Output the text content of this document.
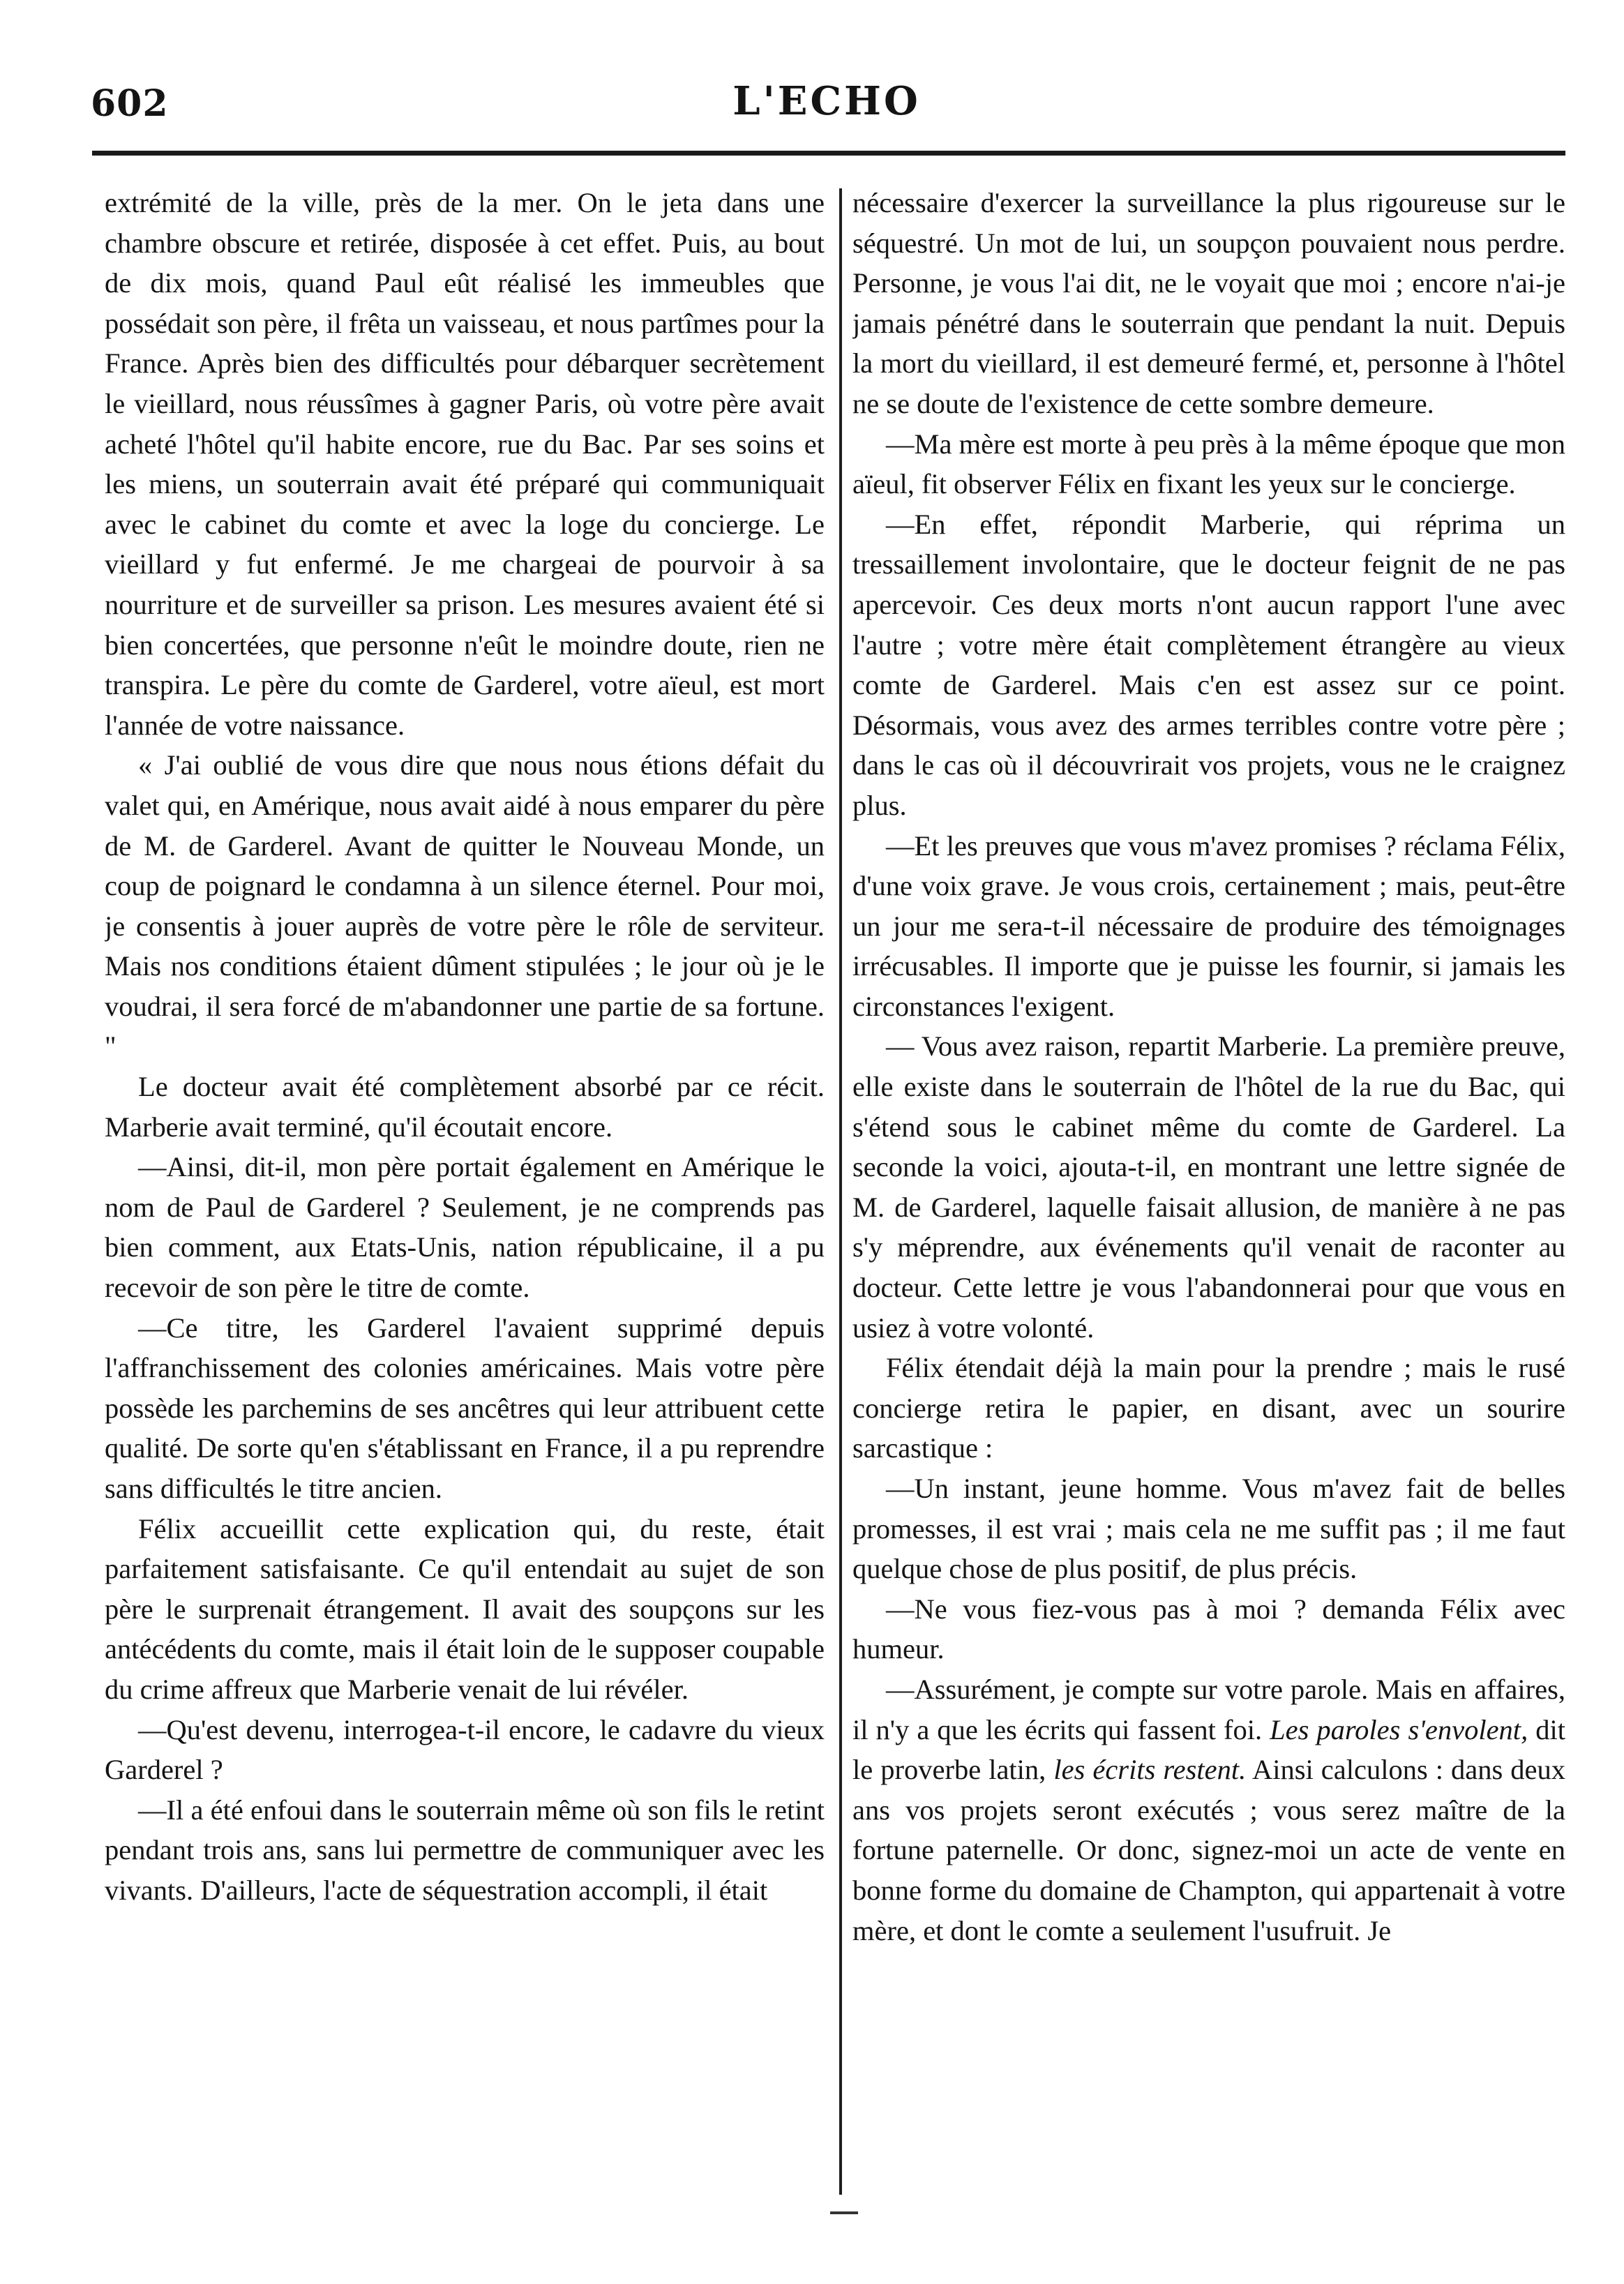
602	L'ECHO

extrémité de la ville, près de la mer. On le jeta dans une chambre obscure et retirée, disposée à cet effet. Puis, au bout de dix mois, quand Paul eût réalisé les immeubles que possédait son père, il frêta un vaisseau, et nous partîmes pour la France. Après bien des difficultés pour débarquer secrètement le vieillard, nous réussîmes à gagner Paris, où votre père avait acheté l'hôtel qu'il habite encore, rue du Bac. Par ses soins et les miens, un souterrain avait été préparé qui communiquait avec le cabinet du comte et avec la loge du concierge. Le vieillard y fut enfermé. Je me chargeai de pourvoir à sa nourriture et de surveiller sa prison. Les mesures avaient été si bien concertées, que personne n'eût le moindre doute, rien ne transpira. Le père du comte de Garderel, votre aïeul, est mort l'année de votre naissance.

« J'ai oublié de vous dire que nous nous étions défait du valet qui, en Amérique, nous avait aidé à nous emparer du père de M. de Garderel. Avant de quitter le Nouveau Monde, un coup de poignard le condamna à un silence éternel. Pour moi, je consentis à jouer auprès de votre père le rôle de serviteur. Mais nos conditions étaient dûment stipulées ; le jour où je le voudrai, il sera forcé de m'abandonner une partie de sa fortune. "

Le docteur avait été complètement absorbé par ce récit. Marberie avait terminé, qu'il écoutait encore.

—Ainsi, dit-il, mon père portait également en Amérique le nom de Paul de Garderel ? Seulement, je ne comprends pas bien comment, aux Etats-Unis, nation républicaine, il a pu recevoir de son père le titre de comte.

—Ce titre, les Garderel l'avaient supprimé depuis l'affranchissement des colonies américaines. Mais votre père possède les parchemins de ses ancêtres qui leur attribuent cette qualité. De sorte qu'en s'établissant en France, il a pu reprendre sans difficultés le titre ancien.

Félix accueillit cette explication qui, du reste, était parfaitement satisfaisante. Ce qu'il entendait au sujet de son père le surprenait étrangement. Il avait des soupçons sur les antécédents du comte, mais il était loin de le supposer coupable du crime affreux que Marberie venait de lui révéler.

—Qu'est devenu, interrogea-t-il encore, le cadavre du vieux Garderel ?

—Il a été enfoui dans le souterrain même où son fils le retint pendant trois ans, sans lui permettre de communiquer avec les vivants. D'ailleurs, l'acte de séquestration accompli, il était

nécessaire d'exercer la surveillance la plus rigoureuse sur le séquestré. Un mot de lui, un soupçon pouvaient nous perdre. Personne, je vous l'ai dit, ne le voyait que moi ; encore n'ai-je jamais pénétré dans le souterrain que pendant la nuit. Depuis la mort du vieillard, il est demeuré fermé, et, personne à l'hôtel ne se doute de l'existence de cette sombre demeure.

—Ma mère est morte à peu près à la même époque que mon aïeul, fit observer Félix en fixant les yeux sur le concierge.

—En effet, répondit Marberie, qui réprima un tressaillement involontaire, que le docteur feignit de ne pas apercevoir. Ces deux morts n'ont aucun rapport l'une avec l'autre ; votre mère était complètement étrangère au vieux comte de Garderel. Mais c'en est assez sur ce point. Désormais, vous avez des armes terribles contre votre père ; dans le cas où il découvrirait vos projets, vous ne le craignez plus.

—Et les preuves que vous m'avez promises ? réclama Félix, d'une voix grave. Je vous crois, certainement ; mais, peut-être un jour me sera-t-il nécessaire de produire des témoignages irrécusables. Il importe que je puisse les fournir, si jamais les circonstances l'exigent.

— Vous avez raison, repartit Marberie. La première preuve, elle existe dans le souterrain de l'hôtel de la rue du Bac, qui s'étend sous le cabinet même du comte de Garderel. La seconde la voici, ajouta-t-il, en montrant une lettre signée de M. de Garderel, laquelle faisait allusion, de manière à ne pas s'y méprendre, aux événements qu'il venait de raconter au docteur. Cette lettre je vous l'abandonnerai pour que vous en usiez à votre volonté.

Félix étendait déjà la main pour la prendre ; mais le rusé concierge retira le papier, en disant, avec un sourire sarcastique :

—Un instant, jeune homme. Vous m'avez fait de belles promesses, il est vrai ; mais cela ne me suffit pas ; il me faut quelque chose de plus positif, de plus précis.

—Ne vous fiez-vous pas à moi ? demanda Félix avec humeur.

—Assurément, je compte sur votre parole. Mais en affaires, il n'y a que les écrits qui fassent foi. Les paroles s'envolent, dit le proverbe latin, les écrits restent. Ainsi calculons : dans deux ans vos projets seront exécutés ; vous serez maître de la fortune paternelle. Or donc, signez-moi un acte de vente en bonne forme du domaine de Champton, qui appartenait à votre mère, et dont le comte a seulement l'usufruit. Je
